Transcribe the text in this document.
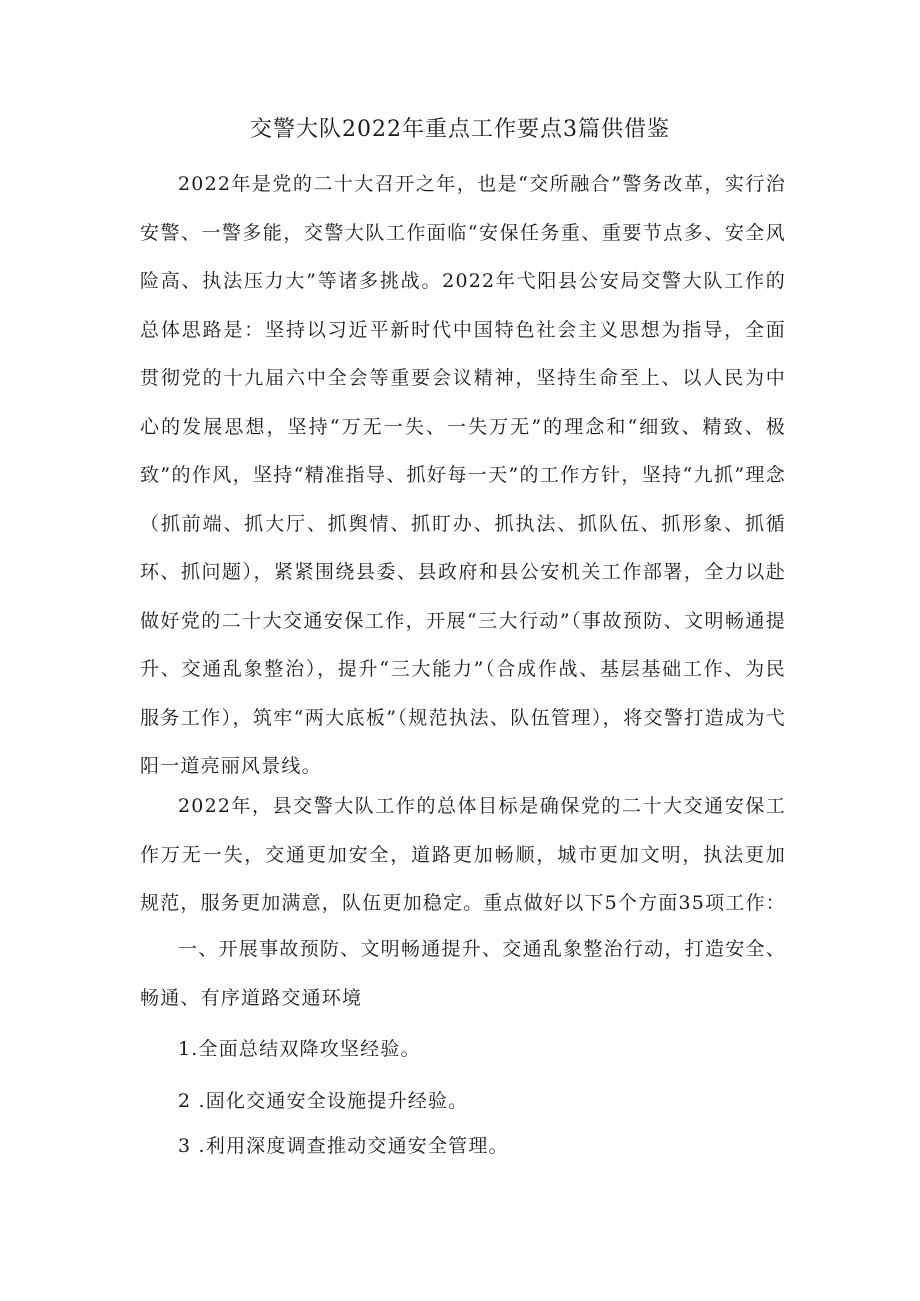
交警大队2022年重点工作要点3篇供借鉴
2022年是党的二十大召开之年，也是“交所融合”警务改革，实行治安警、一警多能，交警大队工作面临“安保任务重、重要节点多、安全风险高、执法压力大”等诸多挑战。2022年弋阳县公安局交警大队工作的总体思路是：坚持以习近平新时代中国特色社会主义思想为指导，全面贯彻党的十九届六中全会等重要会议精神，坚持生命至上、以人民为中心的发展思想，坚持“万无一失、一失万无”的理念和“细致、精致、极致”的作风，坚持“精准指导、抓好每一天”的工作方针，坚持“九抓”理念（抓前端、抓大厅、抓舆情、抓盯办、抓执法、抓队伍、抓形象、抓循环、抓问题），紧紧围绕县委、县政府和县公安机关工作部署，全力以赴做好党的二十大交通安保工作，开展“三大行动”（事故预防、文明畅通提升、交通乱象整治），提升“三大能力”（合成作战、基层基础工作、为民服务工作），筑牢“两大底板”（规范执法、队伍管理），将交警打造成为弋阳一道亮丽风景线。
2022年，县交警大队工作的总体目标是确保党的二十大交通安保工作万无一失，交通更加安全，道路更加畅顺，城市更加文明，执法更加规范，服务更加满意，队伍更加稳定。重点做好以下5个方面35项工作：
一、开展事故预防、文明畅通提升、交通乱象整治行动，打造安全、畅通、有序道路交通环境
1.全面总结双降攻坚经验。
2 .固化交通安全设施提升经验。
3 .利用深度调查推动交通安全管理。
